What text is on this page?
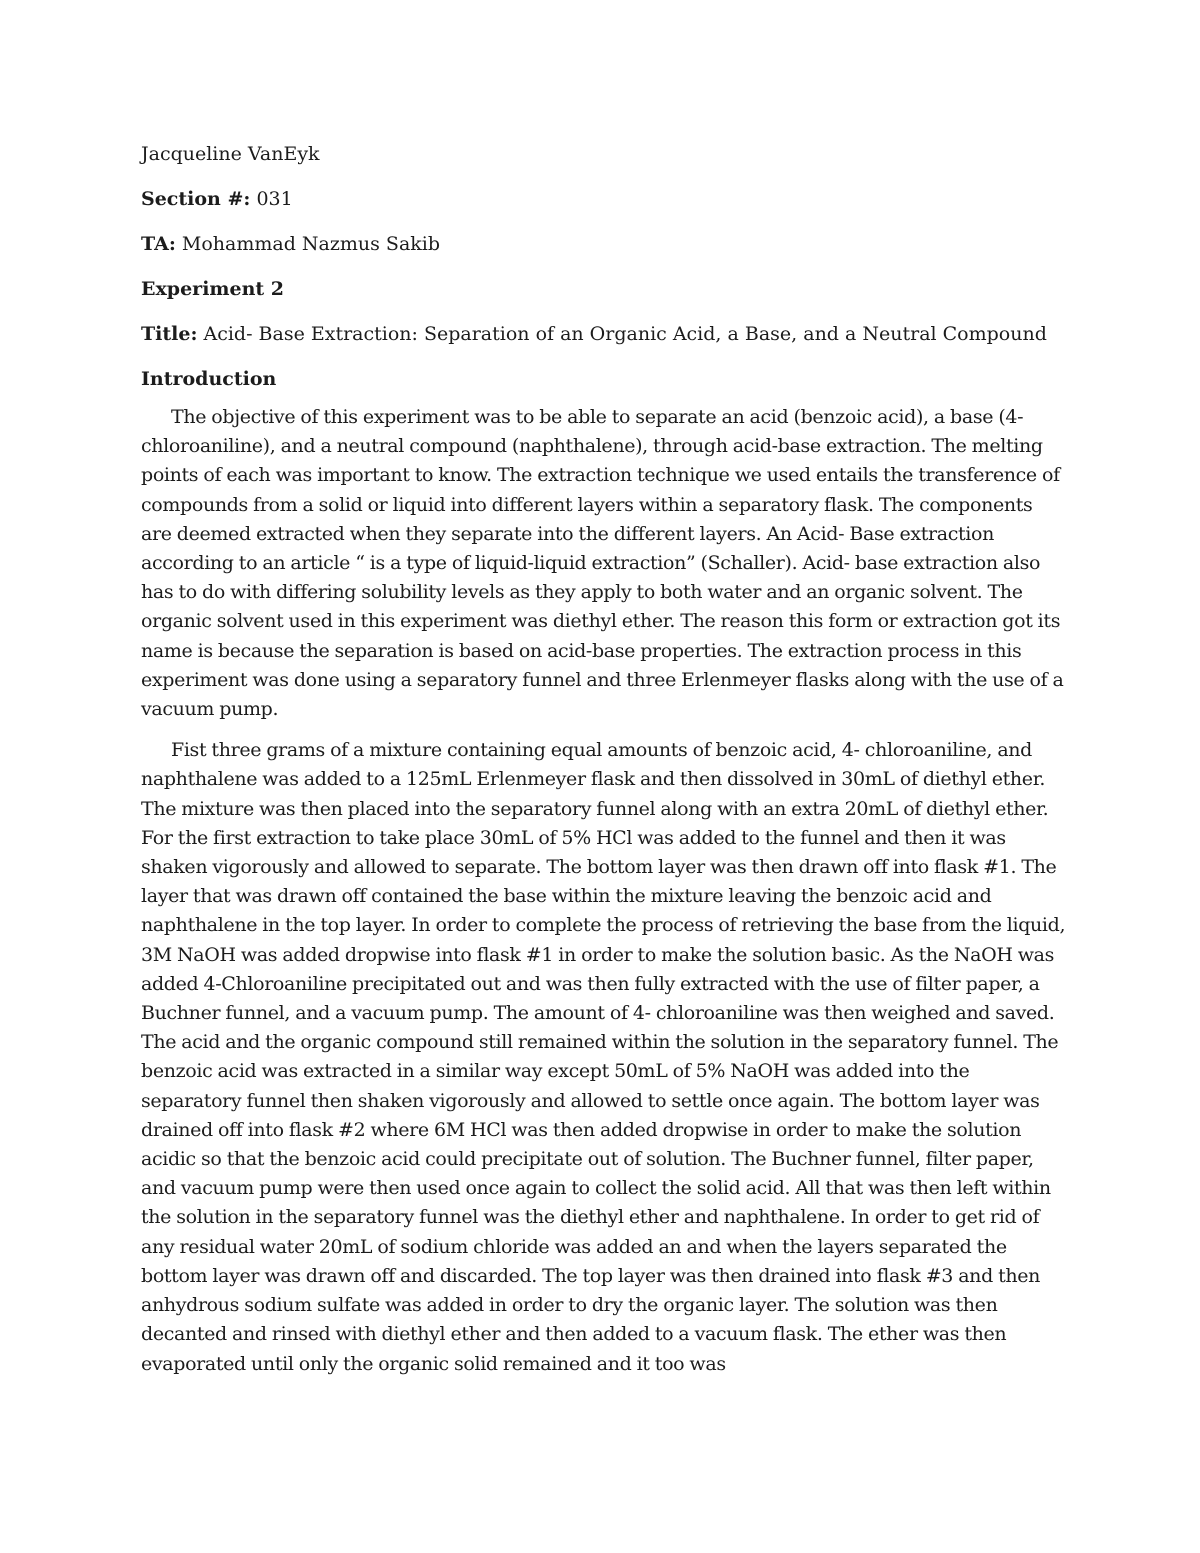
Jacqueline VanEyk

Section #: 031

TA: Mohammad Nazmus Sakib

Experiment 2

Title: Acid- Base Extraction: Separation of an Organic Acid, a Base, and a Neutral Compound

Introduction

The objective of this experiment was to be able to separate an acid (benzoic acid), a base (4-chloroaniline), and a neutral compound (naphthalene), through acid-base extraction. The melting points of each was important to know. The extraction technique we used entails the transference of compounds from a solid or liquid into different layers within a separatory flask. The components are deemed extracted when they separate into the different layers. An Acid- Base extraction according to an article “ is a type of liquid-liquid extraction” (Schaller). Acid- base extraction also has to do with differing solubility levels as they apply to both water and an organic solvent. The organic solvent used in this experiment was diethyl ether. The reason this form or extraction got its name is because the separation is based on acid-base properties. The extraction process in this experiment was done using a separatory funnel and three Erlenmeyer flasks along with the use of a vacuum pump.

Fist three grams of a mixture containing equal amounts of benzoic acid, 4- chloroaniline, and naphthalene was added to a 125mL Erlenmeyer flask and then dissolved in 30mL of diethyl ether. The mixture was then placed into the separatory funnel along with an extra 20mL of diethyl ether. For the first extraction to take place 30mL of 5% HCl was added to the funnel and then it was shaken vigorously and allowed to separate. The bottom layer was then drawn off into flask #1. The layer that was drawn off contained the base within the mixture leaving the benzoic acid and naphthalene in the top layer. In order to complete the process of retrieving the base from the liquid, 3M NaOH was added dropwise into flask #1 in order to make the solution basic. As the NaOH was added 4-Chloroaniline precipitated out and was then fully extracted with the use of filter paper, a Buchner funnel, and a vacuum pump. The amount of 4- chloroaniline was then weighed and saved. The acid and the organic compound still remained within the solution in the separatory funnel. The benzoic acid was extracted in a similar way except 50mL of 5% NaOH was added into the separatory funnel then shaken vigorously and allowed to settle once again. The bottom layer was drained off into flask #2 where 6M HCl was then added dropwise in order to make the solution acidic so that the benzoic acid could precipitate out of solution. The Buchner funnel, filter paper, and vacuum pump were then used once again to collect the solid acid. All that was then left within the solution in the separatory funnel was the diethyl ether and naphthalene. In order to get rid of any residual water 20mL of sodium chloride was added an and when the layers separated the bottom layer was drawn off and discarded. The top layer was then drained into flask #3 and then anhydrous sodium sulfate was added in order to dry the organic layer. The solution was then decanted and rinsed with diethyl ether and then added to a vacuum flask. The ether was then evaporated until only the organic solid remained and it too was
